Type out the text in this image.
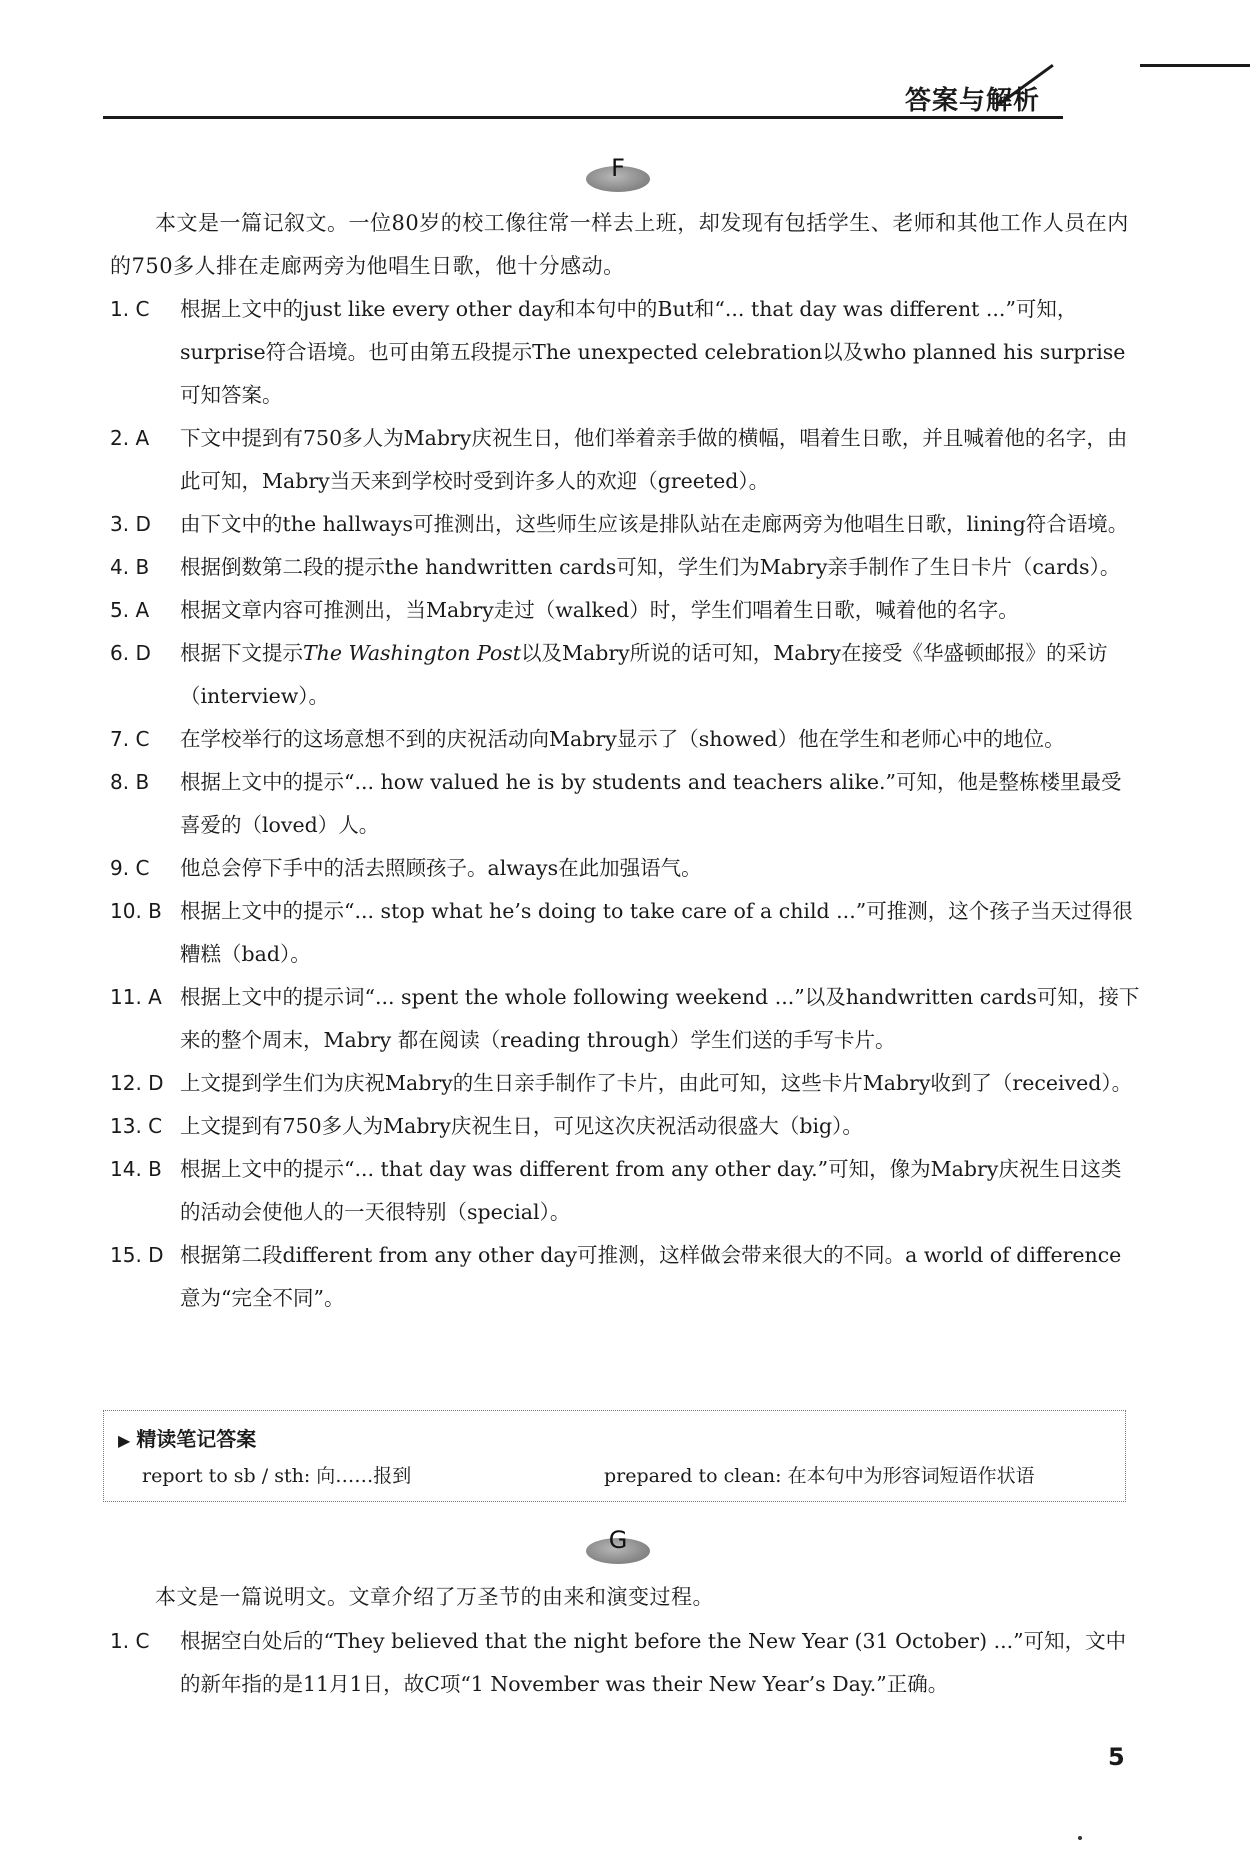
答案与解析
F
本文是一篇记叙文。一位80岁的校工像往常一样去上班，却发现有包括学生、老师和其他工作人员在内的750多人排在走廊两旁为他唱生日歌，他十分感动。
1. C	根据上文中的just like every other day和本句中的But和“... that day was different ...”可知，surprise符合语境。也可由第五段提示The unexpected celebration以及who planned his surprise可知答案。
2. A	下文中提到有750多人为Mabry庆祝生日，他们举着亲手做的横幅，唱着生日歌，并且喊着他的名字，由此可知，Mabry当天来到学校时受到许多人的欢迎（greeted）。
3. D	由下文中的the hallways可推测出，这些师生应该是排队站在走廊两旁为他唱生日歌，lining符合语境。
4. B	根据倒数第二段的提示the handwritten cards可知，学生们为Mabry亲手制作了生日卡片（cards）。
5. A	根据文章内容可推测出，当Mabry走过（walked）时，学生们唱着生日歌，喊着他的名字。
6. D	根据下文提示The Washington Post以及Mabry所说的话可知，Mabry在接受《华盛顿邮报》的采访（interview）。
7. C	在学校举行的这场意想不到的庆祝活动向Mabry显示了（showed）他在学生和老师心中的地位。
8. B	根据上文中的提示“... how valued he is by students and teachers alike.”可知，他是整栋楼里最受喜爱的（loved）人。
9. C	他总会停下手中的活去照顾孩子。always在此加强语气。
10. B 根据上文中的提示“... stop what he’s doing to take care of a child ...”可推测，这个孩子当天过得很糟糕（bad）。
11. A 根据上文中的提示词“... spent the whole following weekend ...”以及handwritten cards可知，接下来的整个周末，Mabry 都在阅读（reading through）学生们送的手写卡片。
12. D 上文提到学生们为庆祝Mabry的生日亲手制作了卡片，由此可知，这些卡片Mabry收到了（received）。
13. C 上文提到有750多人为Mabry庆祝生日，可见这次庆祝活动很盛大（big）。
14. B 根据上文中的提示“... that day was different from any other day.”可知，像为Mabry庆祝生日这类的活动会使他人的一天很特别（special）。
15. D 根据第二段different from any other day可推测，这样做会带来很大的不同。a world of difference意为“完全不同”。
▶ 精读笔记答案
report to sb / sth: 向……报到	prepared to clean: 在本句中为形容词短语作状语
G
本文是一篇说明文。文章介绍了万圣节的由来和演变过程。
1. C	根据空白处后的“They believed that the night before the New Year (31 October) ...”可知，文中的新年指的是11月1日，故C项“1 November was their New Year’s Day.”正确。
5
